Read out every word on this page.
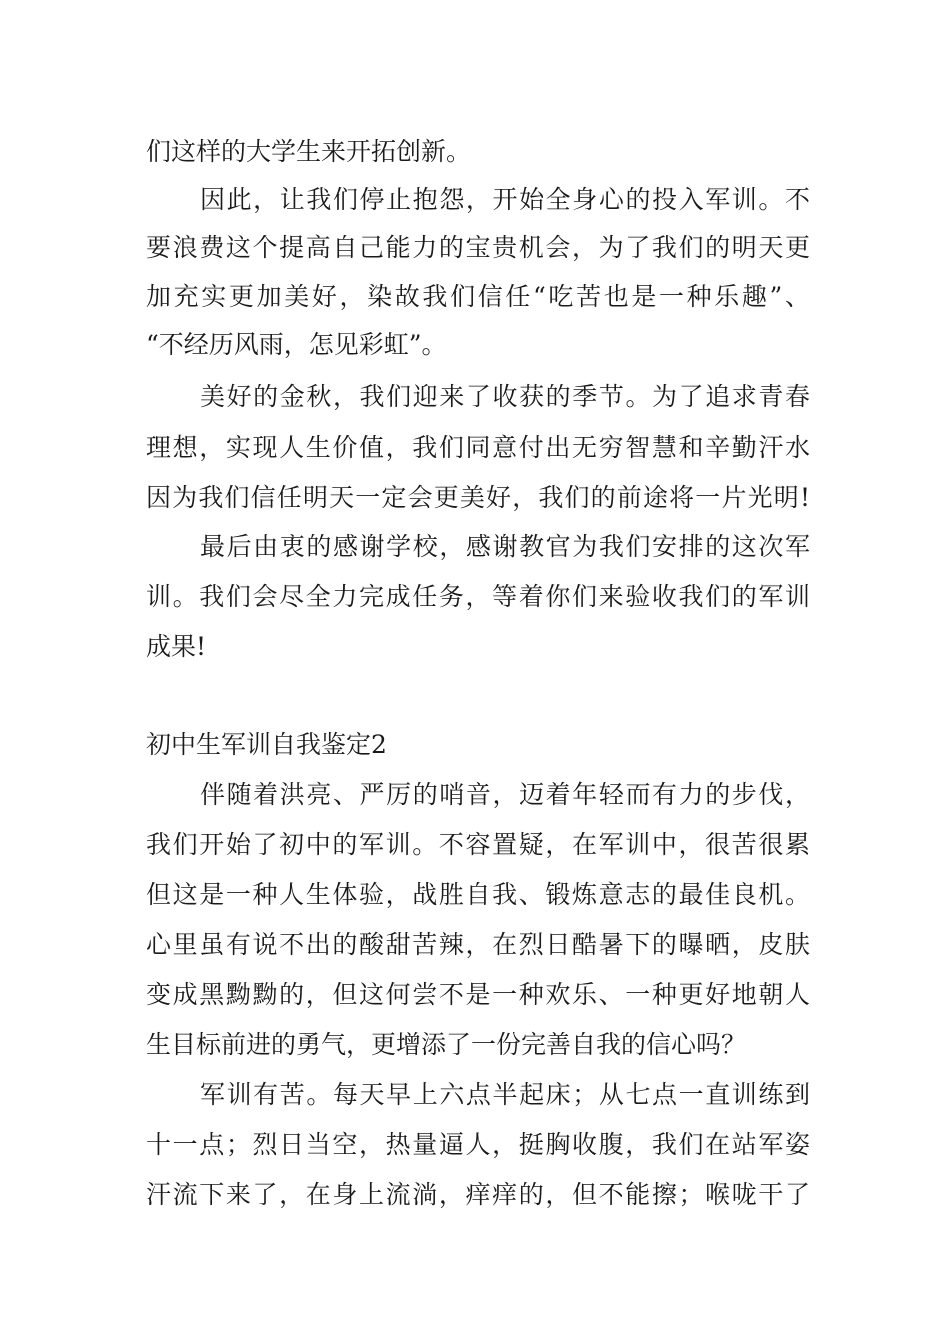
们这样的大学生来开拓创新。
因此，让我们停止抱怨，开始全身心的投入军训。不
要浪费这个提高自己能力的宝贵机会，为了我们的明天更
加充实更加美好，染故我们信任“吃苦也是一种乐趣”、
“不经历风雨，怎见彩虹”。
美好的金秋，我们迎来了收获的季节。为了追求青春
理想，实现人生价值，我们同意付出无穷智慧和辛勤汗水
因为我们信任明天一定会更美好，我们的前途将一片光明!
最后由衷的感谢学校，感谢教官为我们安排的这次军
训。我们会尽全力完成任务，等着你们来验收我们的军训
成果!
初中生军训自我鉴定2
伴随着洪亮、严厉的哨音，迈着年轻而有力的步伐，
我们开始了初中的军训。不容置疑，在军训中，很苦很累
但这是一种人生体验，战胜自我、锻炼意志的最佳良机。
心里虽有说不出的酸甜苦辣，在烈日酷暑下的曝晒，皮肤
变成黑黝黝的，但这何尝不是一种欢乐、一种更好地朝人
生目标前进的勇气，更增添了一份完善自我的信心吗？
军训有苦。每天早上六点半起床；从七点一直训练到
十一点；烈日当空，热量逼人，挺胸收腹，我们在站军姿
汗流下来了，在身上流淌，痒痒的，但不能擦；喉咙干了
